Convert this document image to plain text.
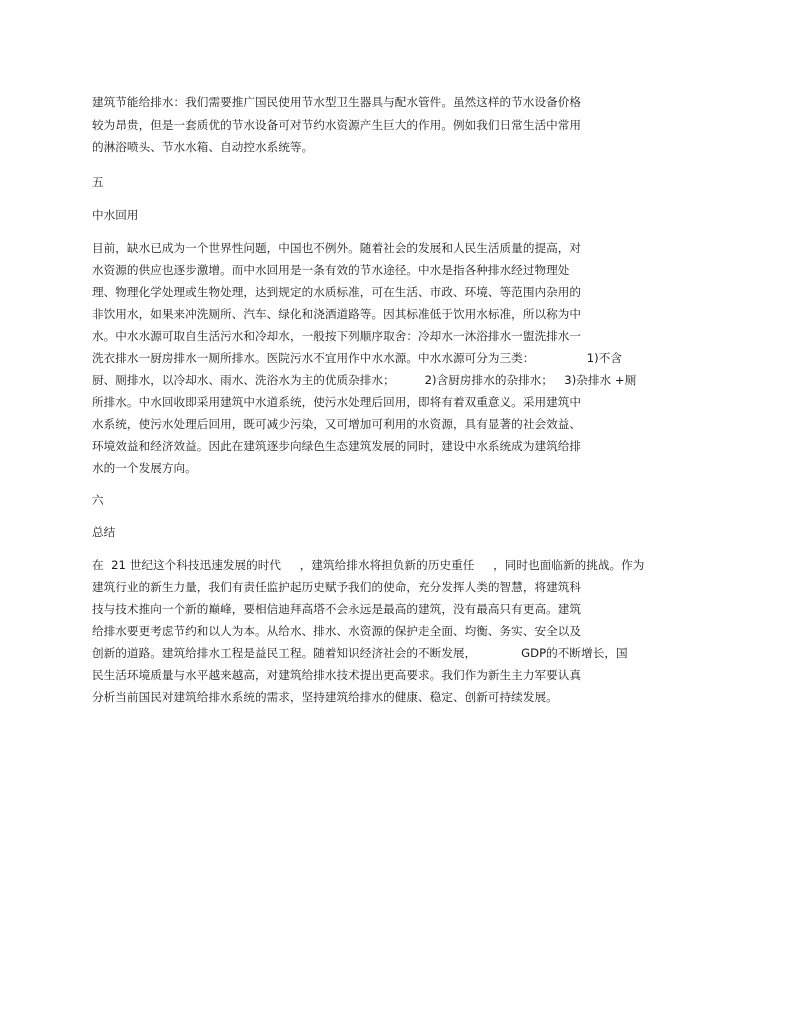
建筑节能给排水：我们需要推广国民使用节水型卫生器具与配水管件。虽然这样的节水设备价格
较为昂贵，但是一套质优的节水设备可对节约水资源产生巨大的作用。例如我们日常生活中常用
的淋浴喷头、节水水箱、自动控水系统等。
五
中水回用
目前，缺水已成为一个世界性问题，中国也不例外。随着社会的发展和人民生活质量的提高，对
水资源的供应也逐步激增。而中水回用是一条有效的节水途径。中水是指各种排水经过物理处
理、物理化学处理或生物处理，达到规定的水质标准，可在生活、市政、环境、等范围内杂用的
非饮用水，如果来冲洗厕所、汽车、绿化和浇洒道路等。因其标准低于饮用水标准，所以称为中
水。中水水源可取自生活污水和冷却水，一般按下列顺序取舍：冷却水一沐浴排水一盥洗排水一
洗衣排水一厨房排水一厕所排水。医院污水不宜用作中水水源。中水水源可分为三类：              1)不含
厨、厕排水，以冷却水、雨水、洗浴水为主的优质杂排水；        2)含厨房排水的杂排水；   3)杂排水 +厕
所排水。中水回收即采用建筑中水道系统，使污水处理后回用，即将有着双重意义。采用建筑中
水系统，使污水处理后回用，既可减少污染，又可增加可利用的水资源，具有显著的社会效益、
环境效益和经济效益。因此在建筑逐步向绿色生态建筑发展的同时，建设中水系统成为建筑给排
水的一个发展方向。
六
总结
在  21 世纪这个科技迅速发展的时代     ，建筑给排水将担负新的历史重任     ，同时也面临新的挑战。作为
建筑行业的新生力量，我们有责任监护起历史赋予我们的使命，充分发挥人类的智慧，将建筑科
技与技术推向一个新的巅峰，要相信迪拜高塔不会永远是最高的建筑，没有最高只有更高。建筑
给排水要更考虑节约和以人为本。从给水、排水、水资源的保护走全面、均衡、务实、安全以及
创新的道路。建筑给排水工程是益民工程。随着知识经济社会的不断发展，            GDP的不断增长，国
民生活环境质量与水平越来越高，对建筑给排水技术提出更高要求。我们作为新生主力军要认真
分析当前国民对建筑给排水系统的需求，坚持建筑给排水的健康、稳定、创新可持续发展。
